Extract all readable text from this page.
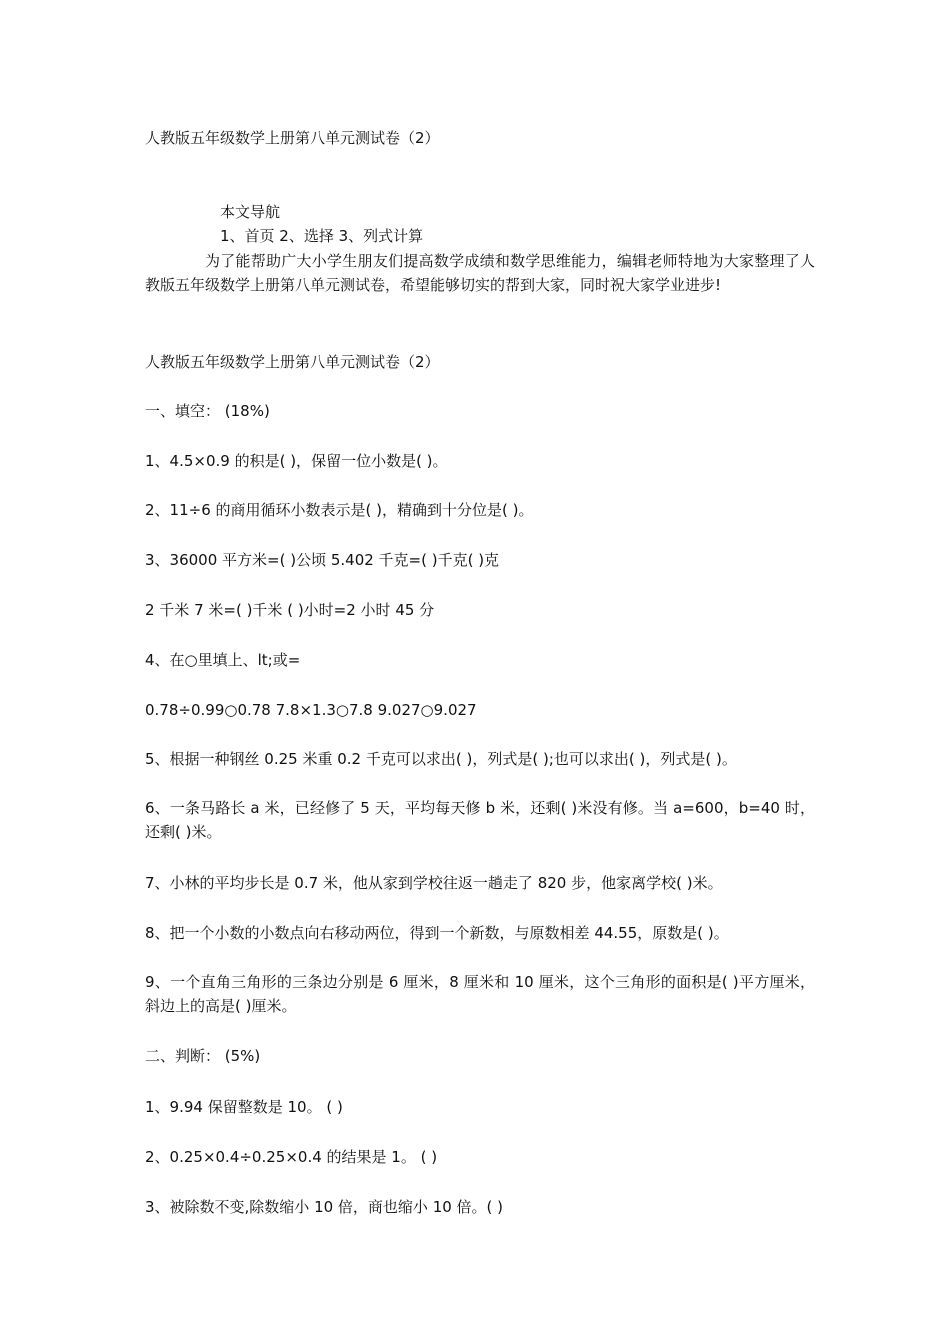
人教版五年级数学上册第八单元测试卷（2）
本文导航
1、首页 2、选择 3、列式计算
为了能帮助广大小学生朋友们提高数学成绩和数学思维能力，编辑老师特地为大家整理了人教版五年级数学上册第八单元测试卷，希望能够切实的帮到大家，同时祝大家学业进步!
人教版五年级数学上册第八单元测试卷（2）
一、填空： (18%)
1、4.5×0.9 的积是( )，保留一位小数是( )。
2、11÷6 的商用循环小数表示是( )，精确到十分位是( )。
3、36000 平方米=( )公顷 5.402 千克=( )千克( )克
2 千米 7 米=( )千米 ( )小时=2 小时 45 分
4、在○里填上、lt;或=
0.78÷0.99○0.78 7.8×1.3○7.8 9.027○9.027
5、根据一种钢丝 0.25 米重 0.2 千克可以求出( )，列式是( );也可以求出( )，列式是( )。
6、一条马路长 a 米，已经修了 5 天，平均每天修 b 米，还剩( )米没有修。当 a=600，b=40 时，还剩( )米。
7、小林的平均步长是 0.7 米，他从家到学校往返一趟走了 820 步，他家离学校( )米。
8、把一个小数的小数点向右移动两位，得到一个新数，与原数相差 44.55，原数是( )。
9、一个直角三角形的三条边分别是 6 厘米，8 厘米和 10 厘米，这个三角形的面积是( )平方厘米，斜边上的高是( )厘米。
二、判断： (5%)
1、9.94 保留整数是 10。 ( )
2、0.25×0.4÷0.25×0.4 的结果是 1。 ( )
3、被除数不变,除数缩小 10 倍，商也缩小 10 倍。( )
